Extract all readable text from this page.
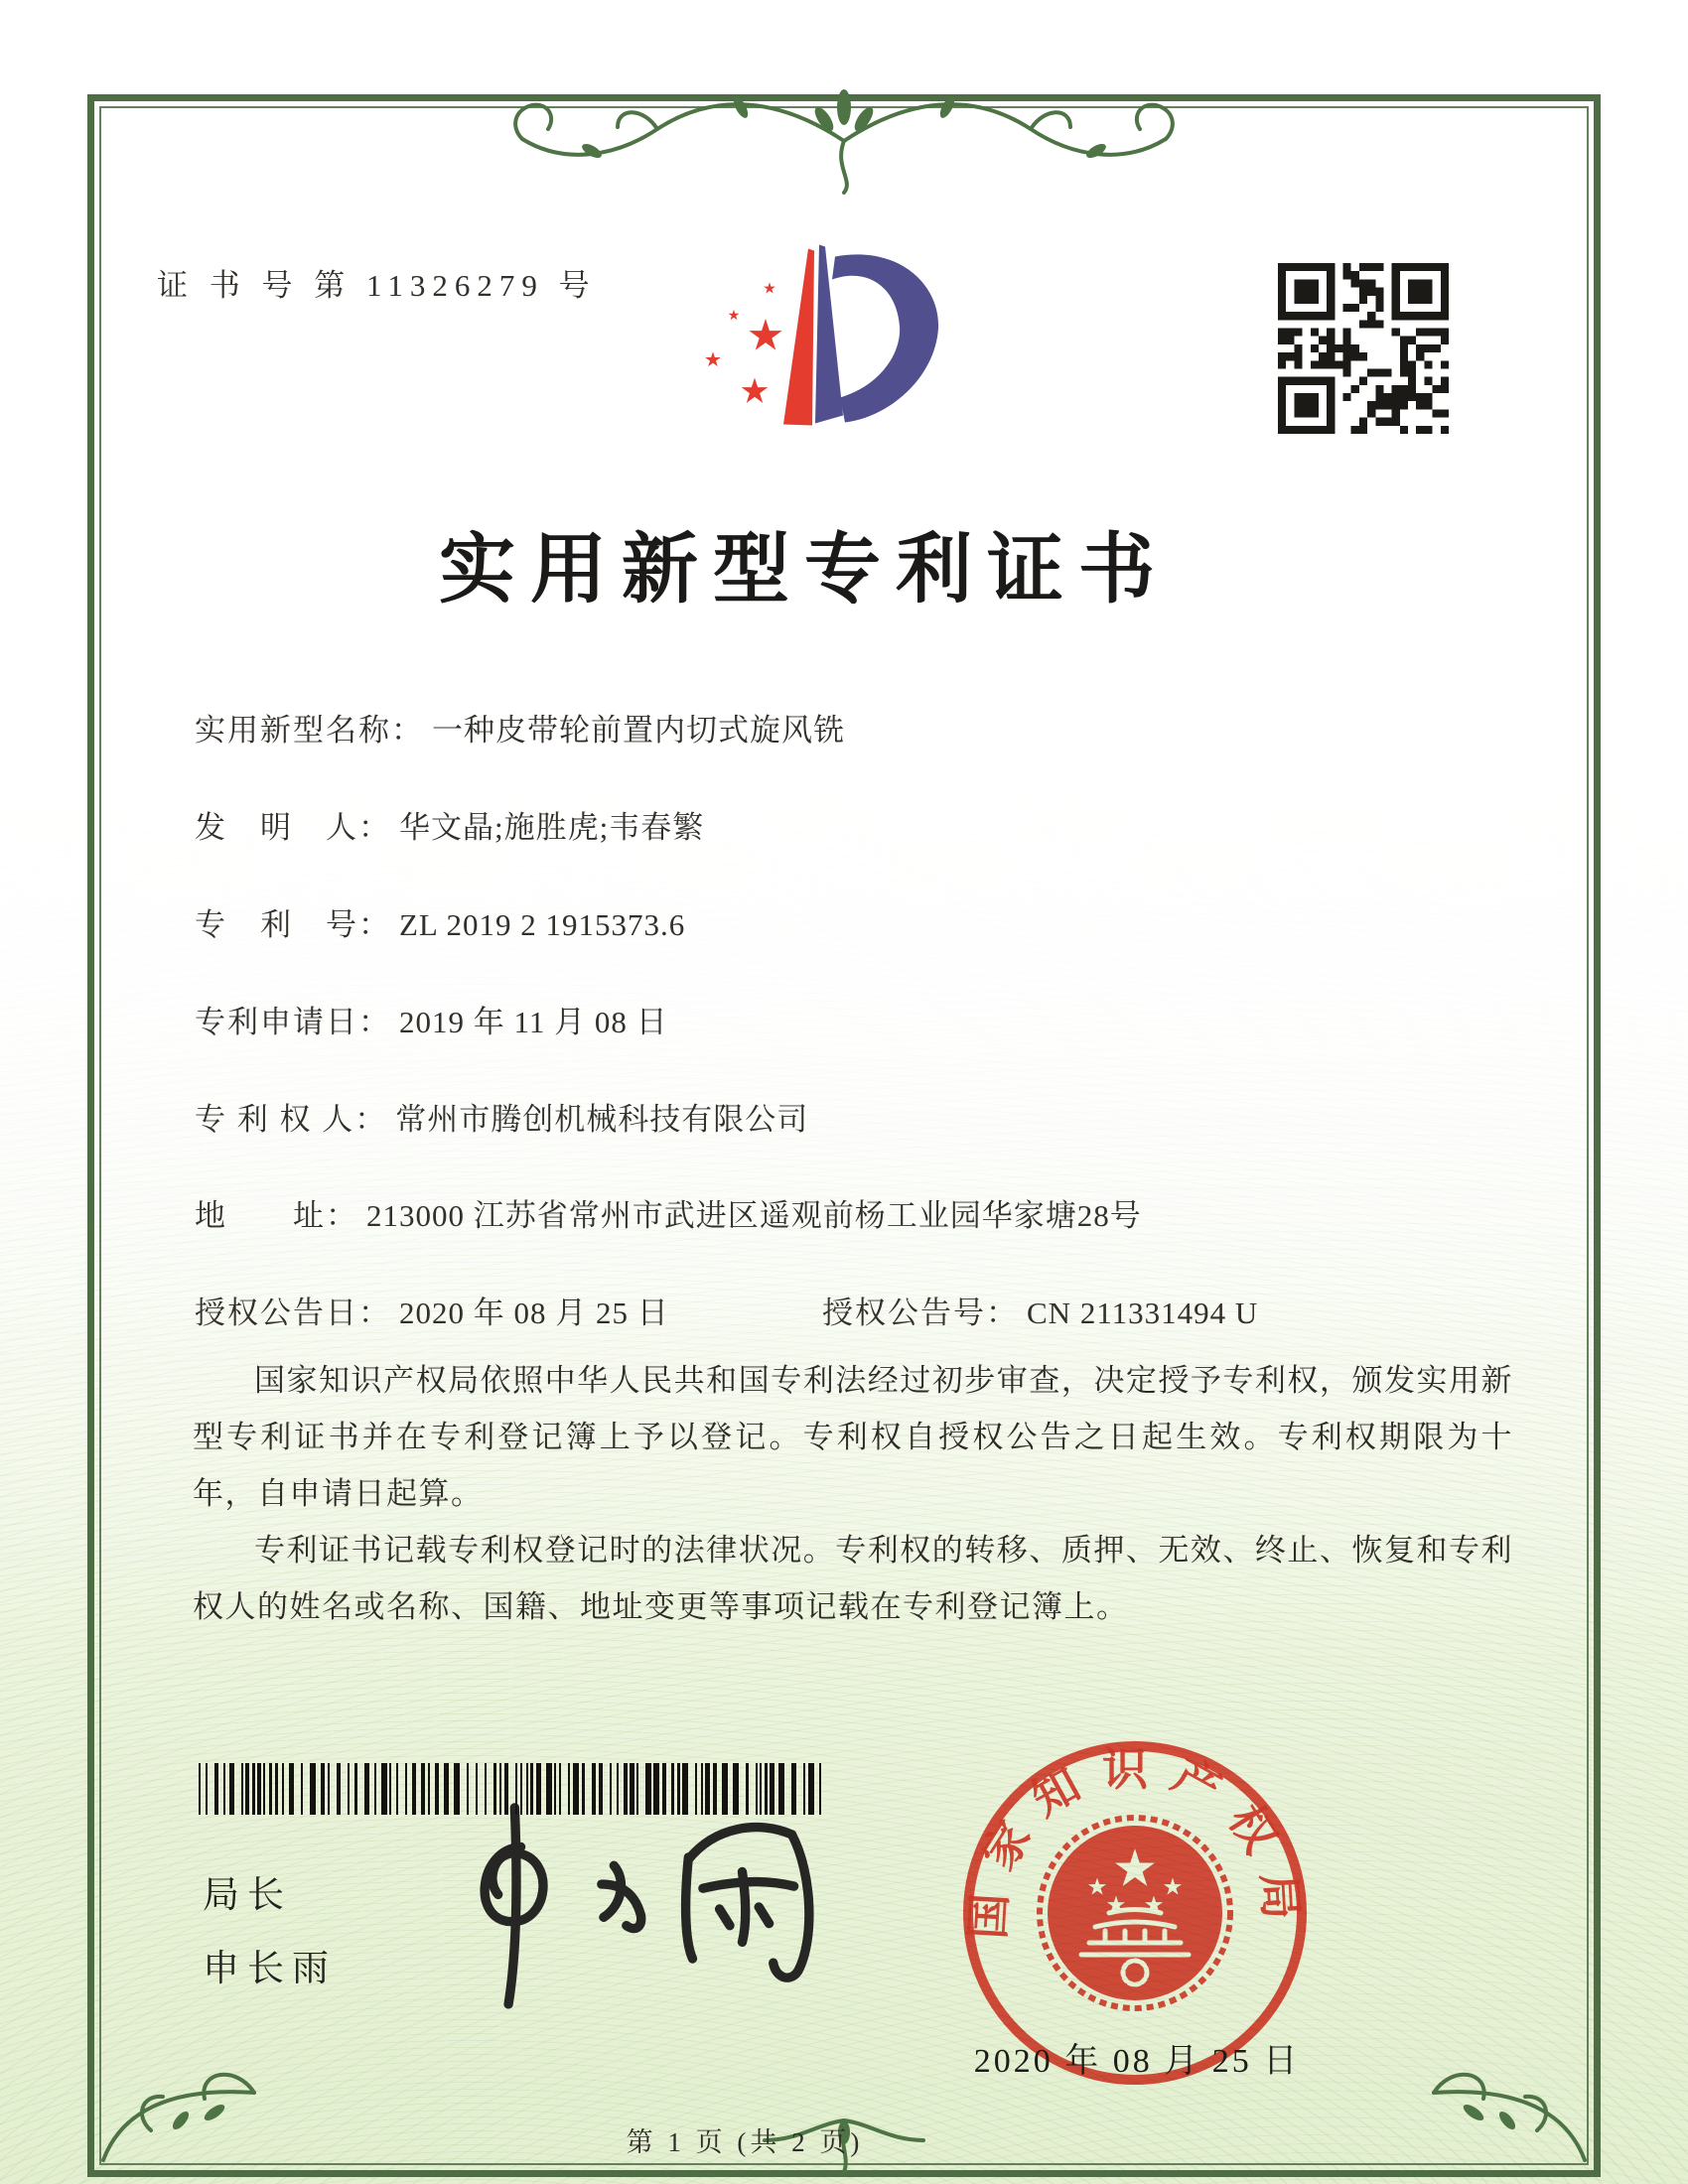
证 书 号 第 11326279 号
实用新型专利证书
实用新型名称： 一种皮带轮前置内切式旋风铣
发　明　人： 华文晶;施胜虎;韦春繁
专　利　号： ZL 2019 2 1915373.6
专利申请日： 2019 年 11 月 08 日
专 利 权 人： 常州市腾创机械科技有限公司
地　　址： 213000 江苏省常州市武进区遥观前杨工业园华家塘28号
授权公告日： 2020 年 08 月 25 日	授权公告号： CN 211331494 U

国家知识产权局依照中华人民共和国专利法经过初步审查，决定授予专利权，颁发实用新型专利证书并在专利登记簿上予以登记。专利权自授权公告之日起生效。专利权期限为十年，自申请日起算。

专利证书记载专利权登记时的法律状况。专利权的转移、质押、无效、终止、恢复和专利权人的姓名或名称、国籍、地址变更等事项记载在专利登记簿上。

局长
申长雨
国家知识产权局
2020 年 08 月 25 日
第 1 页 (共 2 页)
